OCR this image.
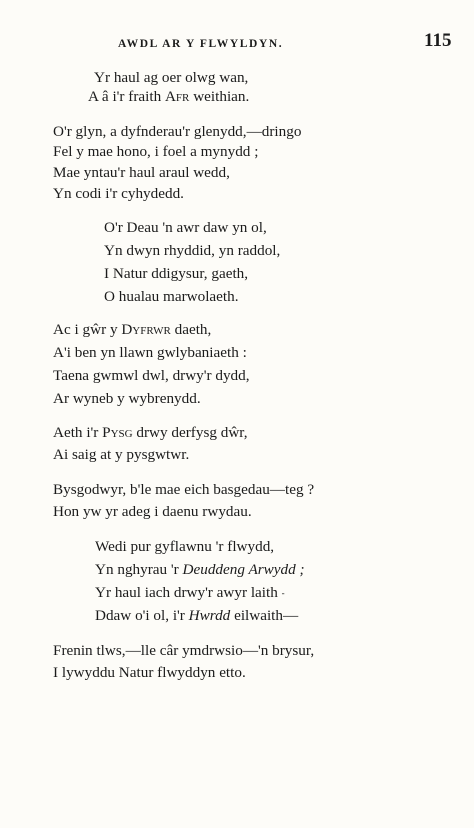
AWDL AR Y FLWYLDYN.	115
Yr haul ag oer olwg wan,
A â i'r fraith Afr weithian.
O'r glyn, a dyfnderau'r glenydd,—dringo
Fel y mae hono, i foel a mynydd ;
Mae yntau'r haul araul wedd,
Yn codi i'r cyhydedd.
O'r Deau 'n awr daw yn ol,
Yn dwyn rhyddid, yn raddol,
I Natur ddigysur, gaeth,
O hualau marwolaeth.
Ac i gŵr y Dyfrwr daeth,
A'i ben yn llawn gwlybaniaeth :
Taena gwmwl dwl, drwy'r dydd,
Ar wyneb y wybrenydd.
Aeth i'r Pysg drwy derfysg dŵr,
Ai saig at y pysgwtwr.
Bysgodwyr, b'le mae eich basgedau—teg ?
Hon yw yr adeg i daenu rwydau.
Wedi pur gyflawnu 'r flwydd,
Yn nghyrau 'r Deuddeng Arwydd ;
Yr haul iach drwy'r awyr laith -
Ddaw o'i ol, i'r Hwrdd eilwaith—
Frenin tlws,—lle câr ymdrwsio—'n brysur,
I lywyddu Natur flwyddyn etto.
